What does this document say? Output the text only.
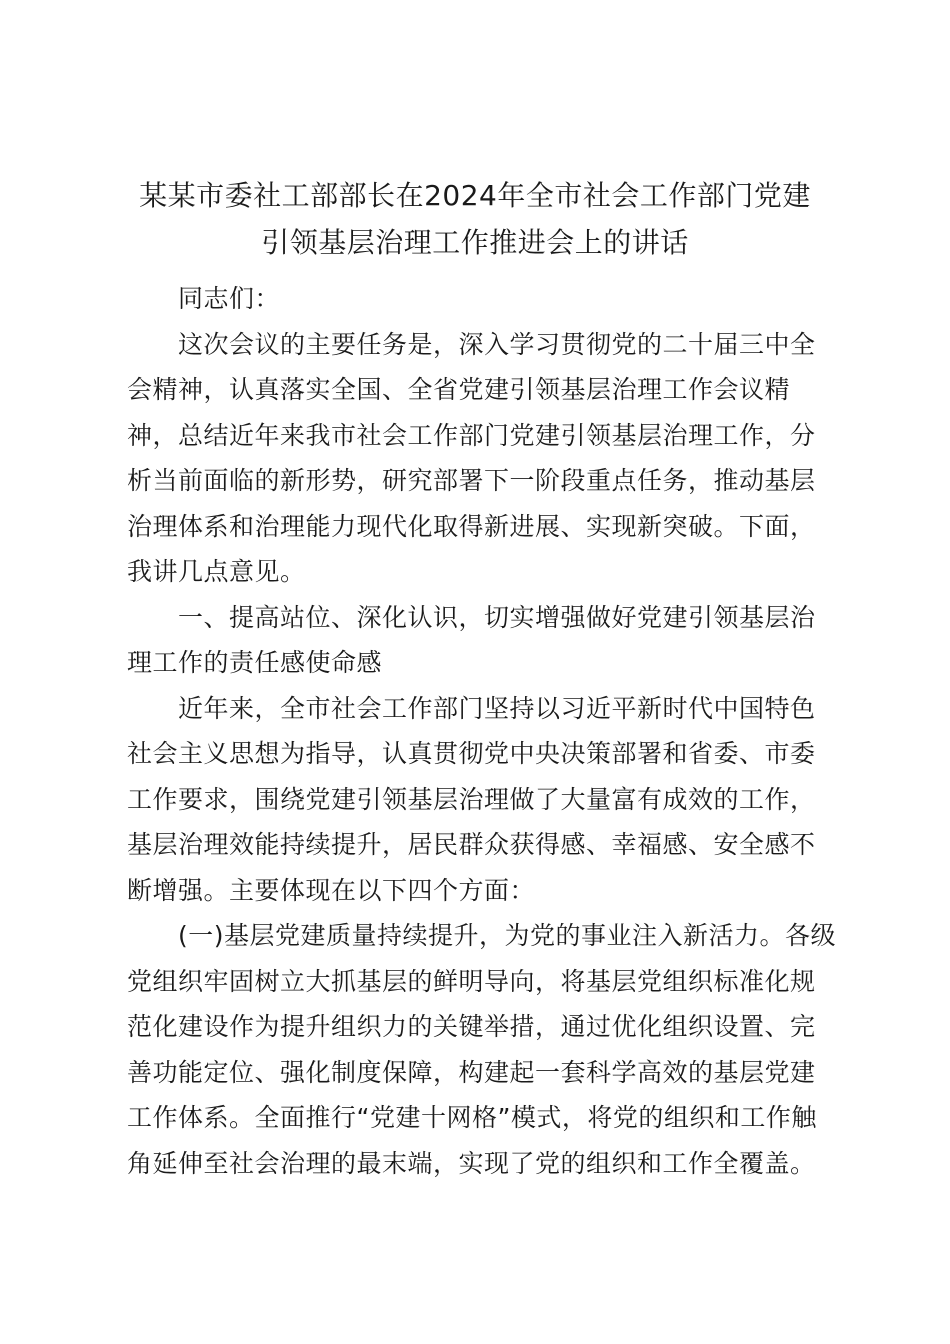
某某市委社工部部长在2024年全市社会工作部门党建
引领基层治理工作推进会上的讲话

同志们：

这次会议的主要任务是，深入学习贯彻党的二十届三中全
会精神，认真落实全国、全省党建引领基层治理工作会议精
神，总结近年来我市社会工作部门党建引领基层治理工作，分
析当前面临的新形势，研究部署下一阶段重点任务，推动基层
治理体系和治理能力现代化取得新进展、实现新突破。下面，
我讲几点意见。

一、提高站位、深化认识，切实增强做好党建引领基层治
理工作的责任感使命感

近年来，全市社会工作部门坚持以习近平新时代中国特色
社会主义思想为指导，认真贯彻党中央决策部署和省委、市委
工作要求，围绕党建引领基层治理做了大量富有成效的工作，
基层治理效能持续提升，居民群众获得感、幸福感、安全感不
断增强。主要体现在以下四个方面：

(一)基层党建质量持续提升，为党的事业注入新活力。各级
党组织牢固树立大抓基层的鲜明导向，将基层党组织标准化规
范化建设作为提升组织力的关键举措，通过优化组织设置、完
善功能定位、强化制度保障，构建起一套科学高效的基层党建
工作体系。全面推行“党建十网格”模式，将党的组织和工作触
角延伸至社会治理的最末端，实现了党的组织和工作全覆盖。
